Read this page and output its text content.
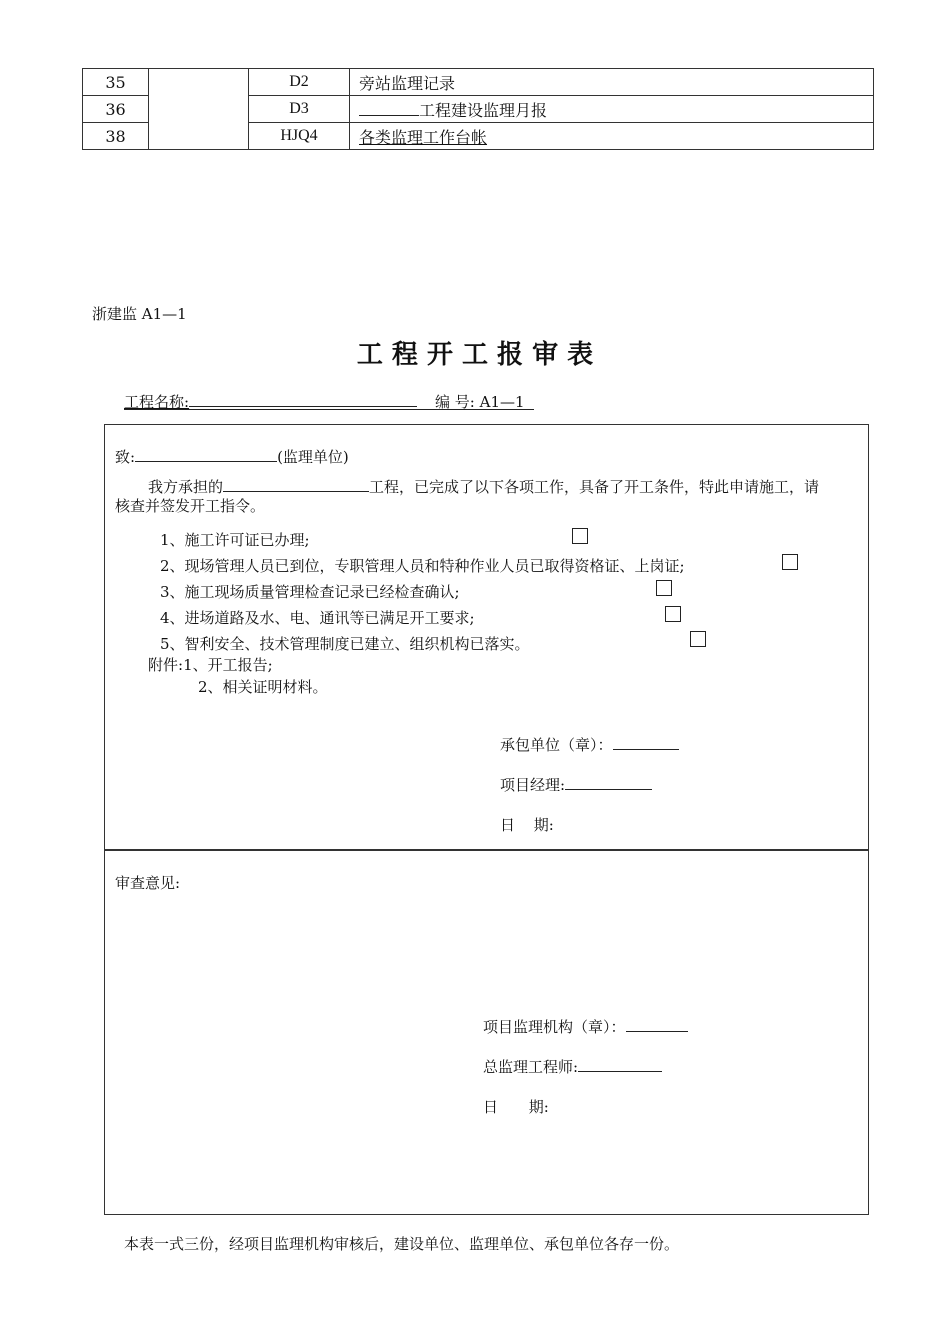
35		D2	旁站监理记录
36		D3	工程建设监理月报
38		HJQ4	各类监理工作台帐
浙建监 A1—1
工 程 开 工 报 审 表
工程名称:	编 号: A1—1
致:	(监理单位)
我方承担的	工程，已完成了以下各项工作，具备了开工条件，特此申请施工，请
核查并签发开工指令。
1、施工许可证已办理;
2、现场管理人员已到位，专职管理人员和特种作业人员已取得资格证、上岗证;
3、施工现场质量管理检查记录已经检查确认;
4、进场道路及水、电、通讯等已满足开工要求;
5、智利安全、技术管理制度已建立、组织机构已落实。
附件:1、开工报告;
2、相关证明材料。
承包单位（章）：
项目经理:
日 期:
审查意见:
项目监理机构（章）：
总监理工程师:
日 期:
本表一式三份，经项目监理机构审核后，建设单位、监理单位、承包单位各存一份。
